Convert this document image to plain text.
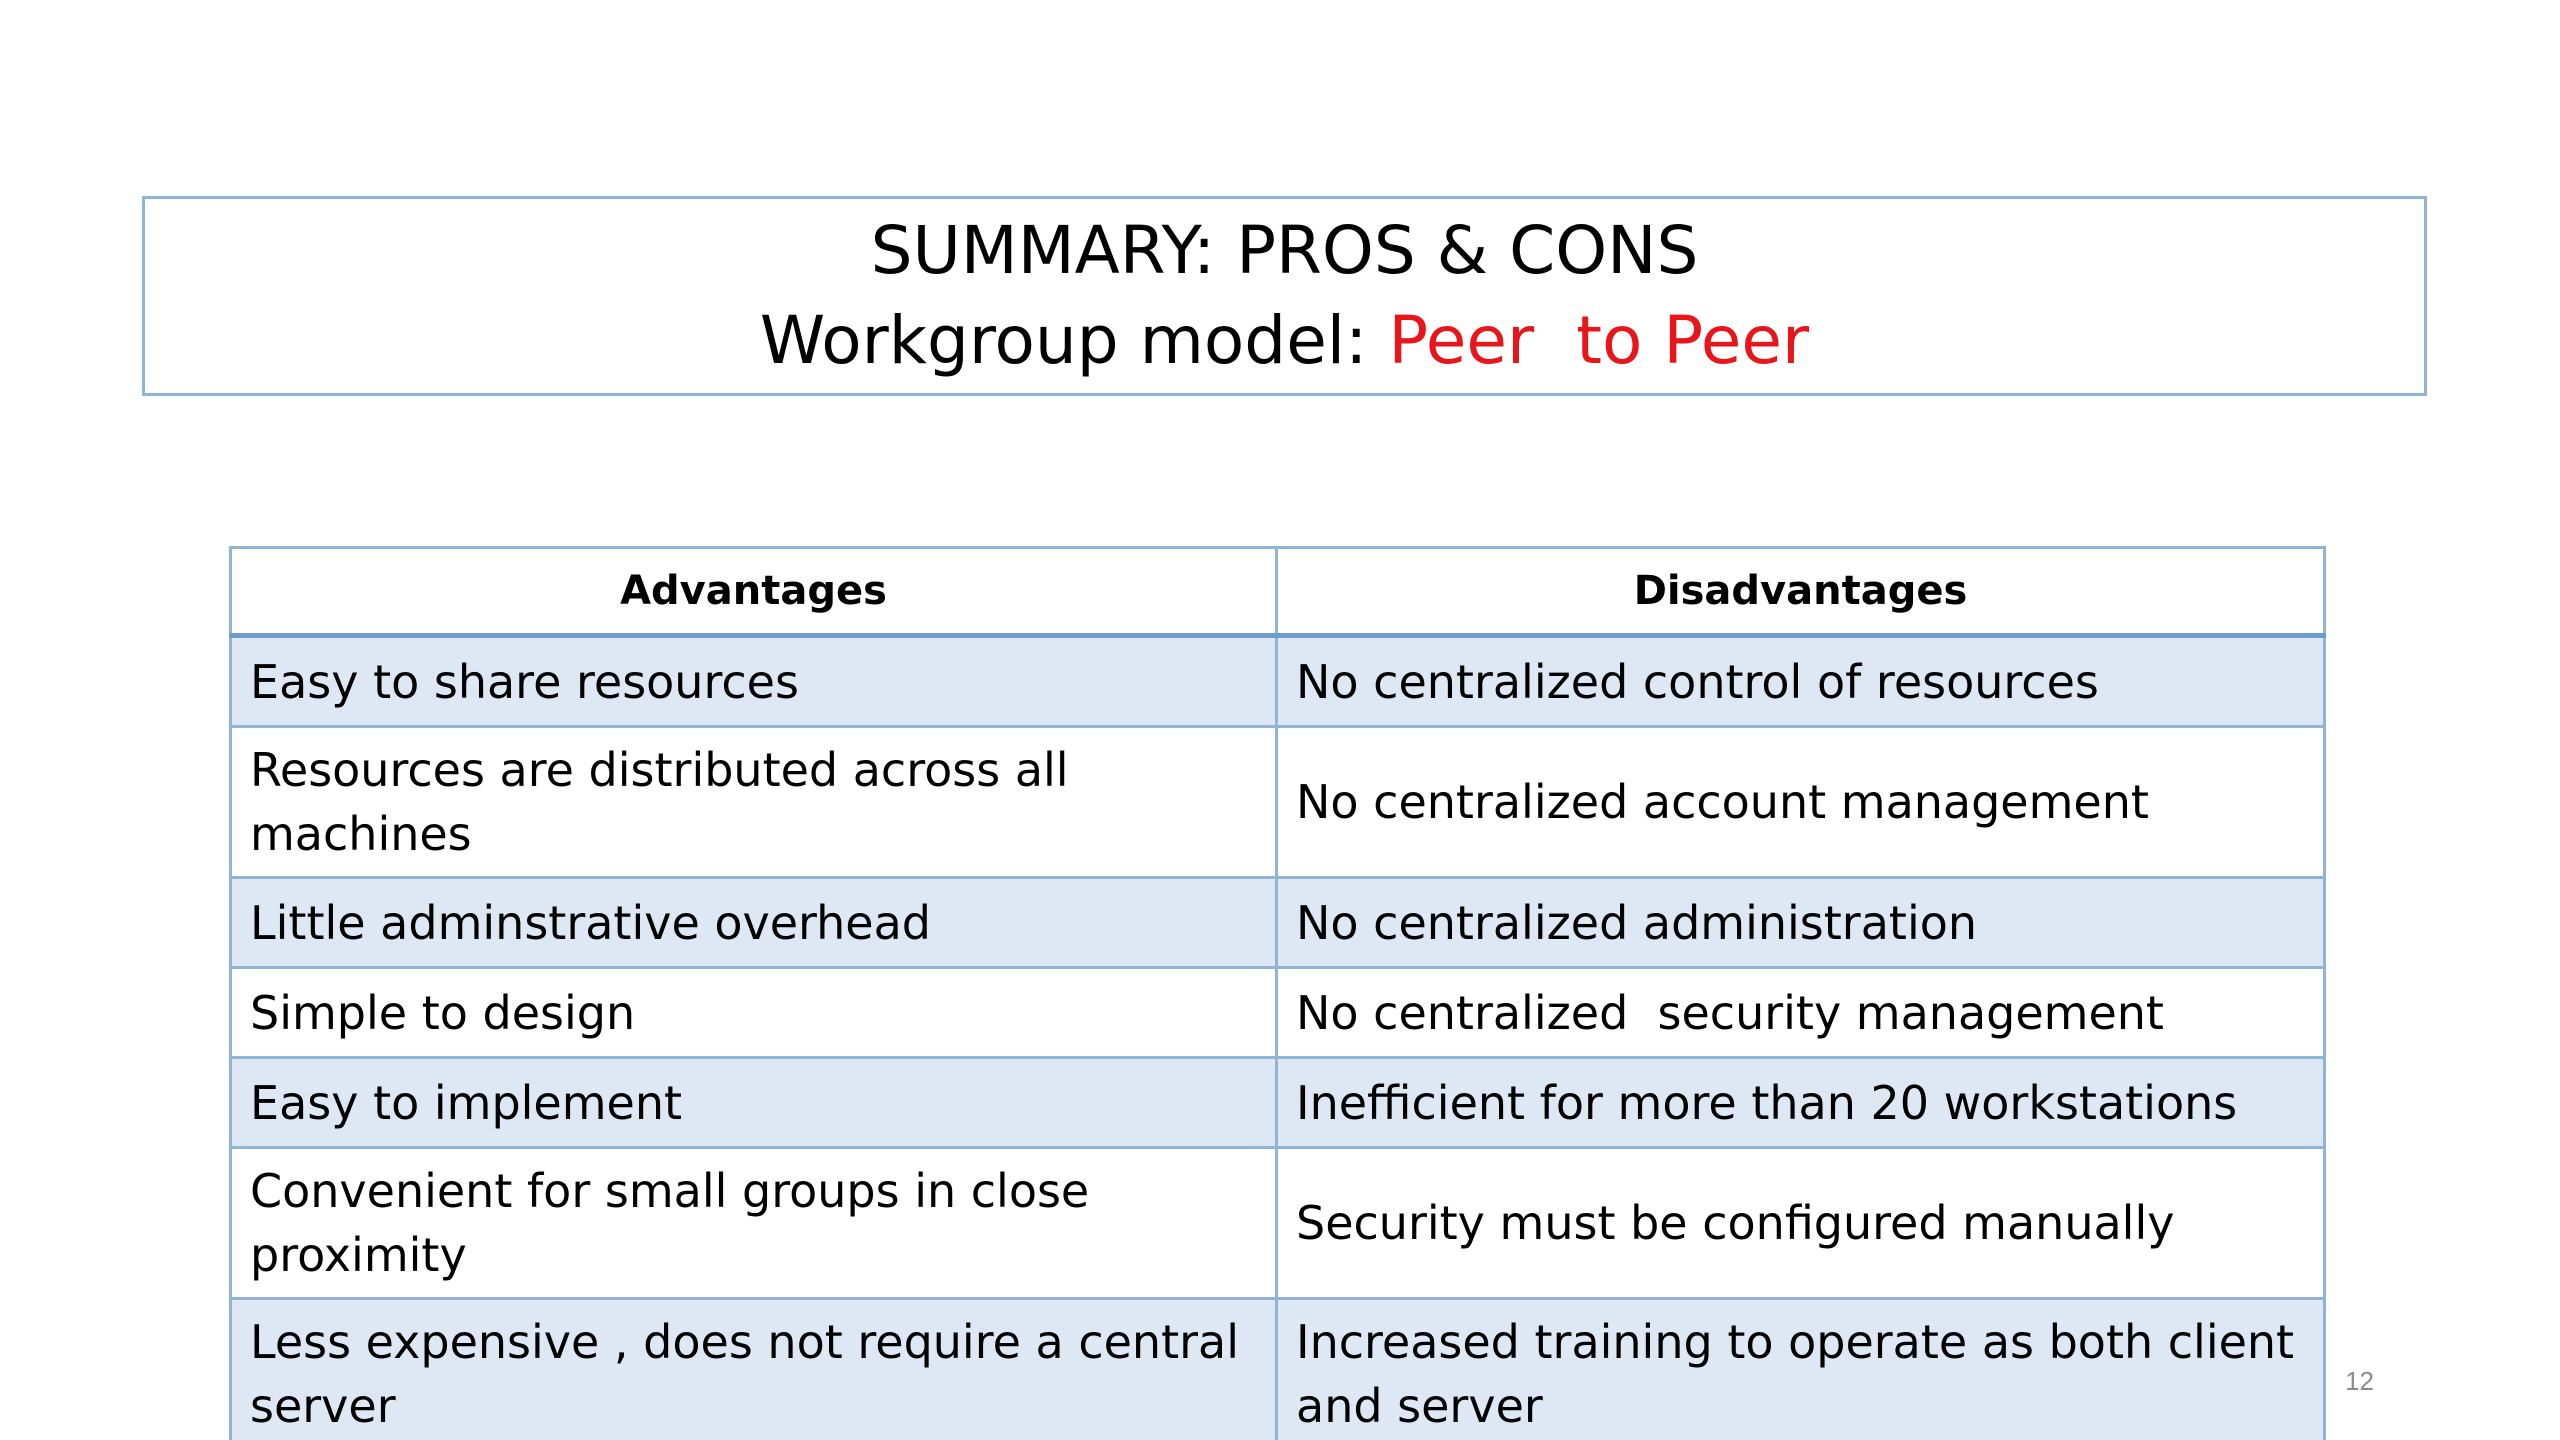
SUMMARY: PROS & CONS
Workgroup model: Peer  to Peer
Advantages	Disadvantages
Easy to share resources	No centralized control of resources
Resources are distributed across all machines	No centralized account management
Little adminstrative overhead	No centralized administration
Simple to design	No centralized  security management
Easy to implement	Inefficient for more than 20 workstations
Convenient for small groups in close proximity	Security must be configured manually
Less expensive , does not require a central server	Increased training to operate as both client and server	12
